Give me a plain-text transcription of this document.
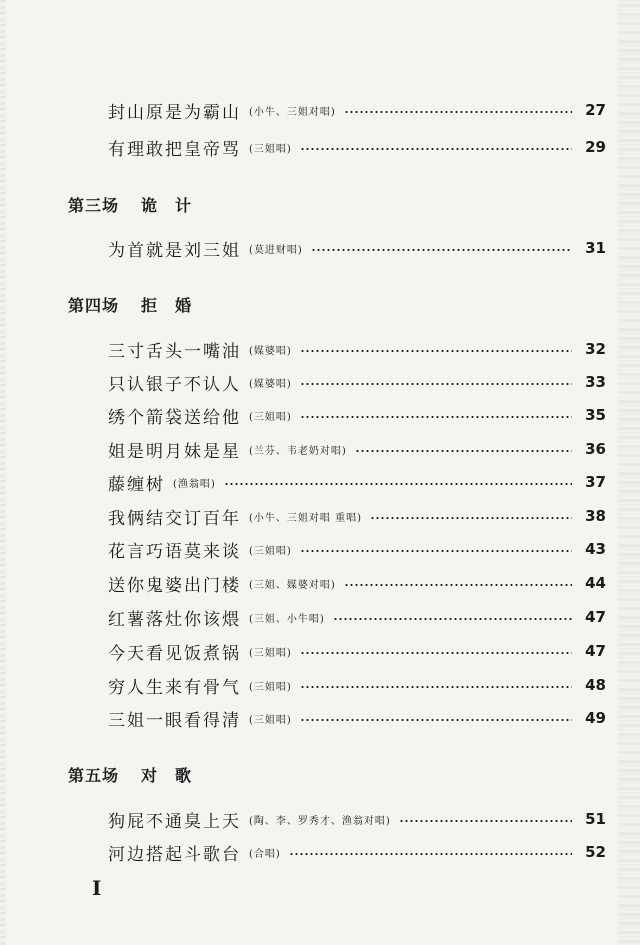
封山原是为霸山 (小牛、三姐对唱)	27
有理敢把皇帝骂 (三姐唱)	29
第三场 诡计
为首就是刘三姐 (莫进财唱)	31
第四场 拒婚
三寸舌头一嘴油 (媒婆唱)	32
只认银子不认人 (媒婆唱)	33
绣个箭袋送给他 (三姐唱)	35
姐是明月妹是星 (兰芬、韦老奶对唱)	36
藤缠树 (渔翁唱)	37
我俩结交订百年 (小牛、三姐对唱 重唱)	38
花言巧语莫来谈 (三姐唱)	43
送你鬼婆出门楼 (三姐、媒婆对唱)	44
红薯落灶你该煨 (三姐、小牛唱)	47
今天看见饭煮锅 (三姐唱)	47
穷人生来有骨气 (三姐唱)	48
三姐一眼看得清 (三姐唱)	49
第五场 对歌
狗屁不通臭上天 (陶、李、罗秀才、渔翁对唱)	51
河边搭起斗歌台 (合唱)	52
I
